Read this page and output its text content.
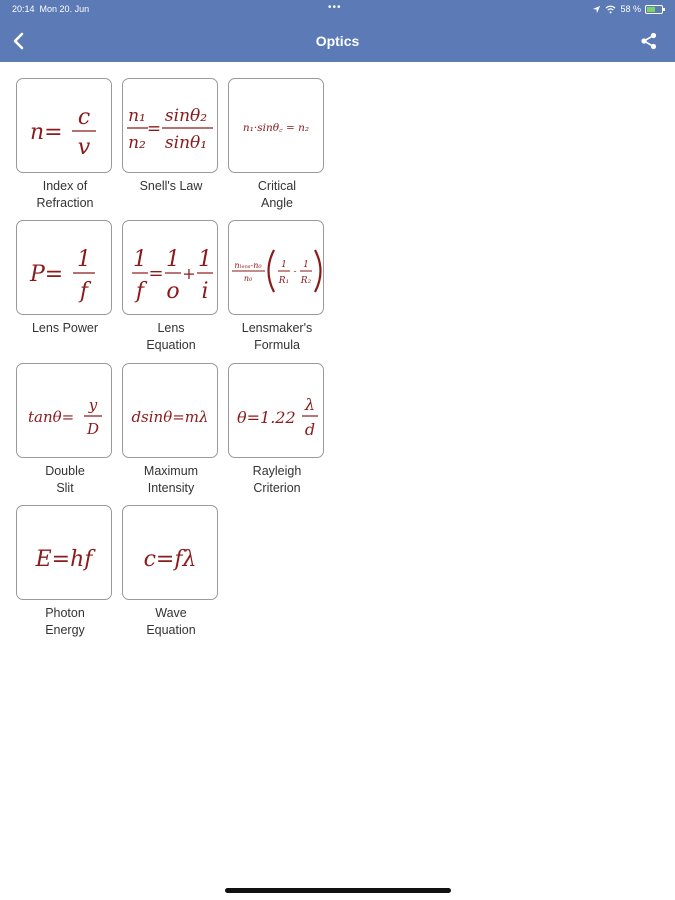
20:14 Mon 20. Jun	•••	58 %
Optics
n=
c
v
Index of
Refraction
n₁
n₂
=
sinθ₂
sinθ₁
Snell's Law
n₁·sinθ꜀ = n₂
Critical
Angle
P=
1
f
Lens Power
1
f
=
1
o
+
1
i
Lens
Equation
nₗₑₙₛ-n₀
n₀
1
R₁
-
1
R₂
Lensmaker's
Formula
tanθ=
y
D
Double
Slit
dsinθ=mλ
Maximum
Intensity
θ=1.22
λ
d
Rayleigh
Criterion
E=hf
Photon
Energy
c=fλ
Wave
Equation
